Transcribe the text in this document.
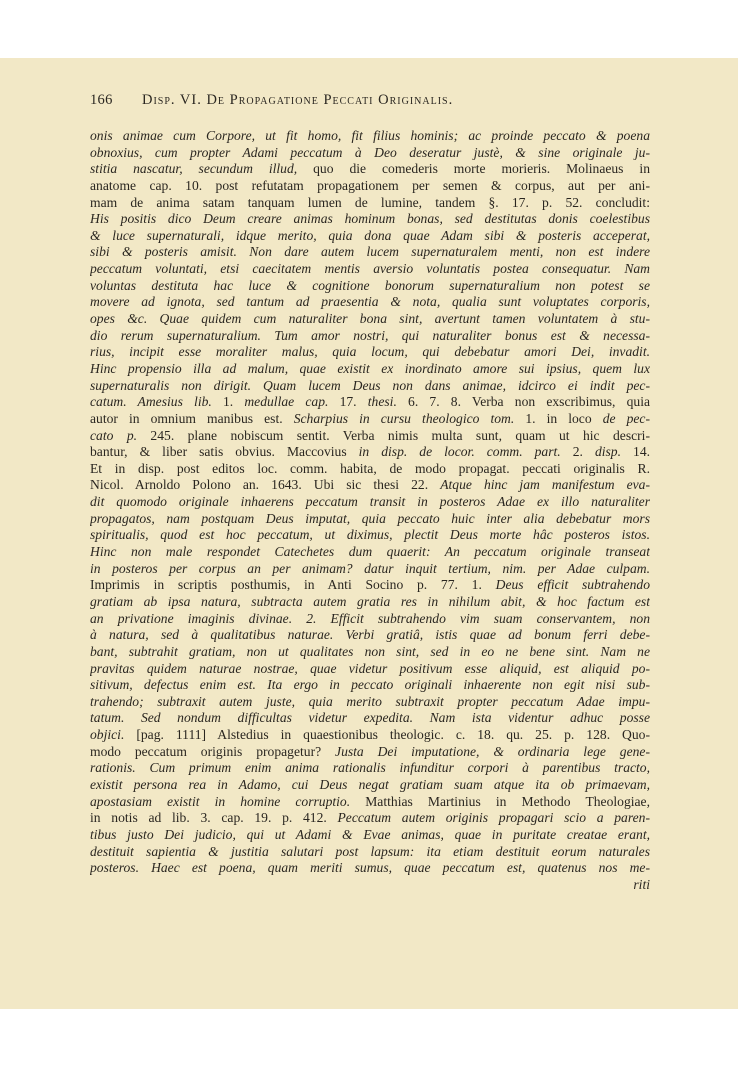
166 Disp. VI. De Propagatione Peccati Originalis.
onis animae cum Corpore, ut fit homo, fit filius hominis; ac proinde peccato & poena
obnoxius, cum propter Adami peccatum à Deo deseratur justè, & sine originale ju-
stitia nascatur, secundum illud, quo die comederis morte morieris. Molinaeus in
anatome cap. 10. post refutatam propagationem per semen & corpus, aut per ani-
mam de anima satam tanquam lumen de lumine, tandem §. 17. p. 52. concludit:
His positis dico Deum creare animas hominum bonas, sed destitutas donis coelestibus
& luce supernaturali, idque merito, quia dona quae Adam sibi & posteris acceperat,
sibi & posteris amisit. Non dare autem lucem supernaturalem menti, non est indere
peccatum voluntati, etsi caecitatem mentis aversio voluntatis postea consequatur. Nam
voluntas destituta hac luce & cognitione bonorum supernaturalium non potest se
movere ad ignota, sed tantum ad praesentia & nota, qualia sunt voluptates corporis,
opes &c. Quae quidem cum naturaliter bona sint, avertunt tamen voluntatem à stu-
dio rerum supernaturalium. Tum amor nostri, qui naturaliter bonus est & necessa-
rius, incipit esse moraliter malus, quia locum, qui debebatur amori Dei, invadit.
Hinc propensio illa ad malum, quae existit ex inordinato amore sui ipsius, quem lux
supernaturalis non dirigit. Quam lucem Deus non dans animae, idcirco ei indit pec-
catum. Amesius lib. 1. medullae cap. 17. thesi. 6. 7. 8. Verba non exscribimus, quia
autor in omnium manibus est. Scharpius in cursu theologico tom. 1. in loco de pec-
cato p. 245. plane nobiscum sentit. Verba nimis multa sunt, quam ut hic descri-
bantur, & liber satis obvius. Maccovius in disp. de locor. comm. part. 2. disp. 14.
Et in disp. post editos loc. comm. habita, de modo propagat. peccati originalis R.
Nicol. Arnoldo Polono an. 1643. Ubi sic thesi 22. Atque hinc jam manifestum eva-
dit quomodo originale inhaerens peccatum transit in posteros Adae ex illo naturaliter
propagatos, nam postquam Deus imputat, quia peccato huic inter alia debebatur mors
spiritualis, quod est hoc peccatum, ut diximus, plectit Deus morte hâc posteros istos.
Hinc non male respondet Catechetes dum quaerit: An peccatum originale transeat
in posteros per corpus an per animam? datur inquit tertium, nim. per Adae culpam.
Imprimis in scriptis posthumis, in Anti Socino p. 77. 1. Deus efficit subtrahendo
gratiam ab ipsa natura, subtracta autem gratia res in nihilum abit, & hoc factum est
an privatione imaginis divinae. 2. Efficit subtrahendo vim suam conservantem, non
à natura, sed à qualitatibus naturae. Verbi gratiâ, istis quae ad bonum ferri debe-
bant, subtrahit gratiam, non ut qualitates non sint, sed in eo ne bene sint. Nam ne
pravitas quidem naturae nostrae, quae videtur positivum esse aliquid, est aliquid po-
sitivum, defectus enim est. Ita ergo in peccato originali inhaerente non egit nisi sub-
trahendo; subtraxit autem juste, quia merito subtraxit propter peccatum Adae impu-
tatum. Sed nondum difficultas videtur expedita. Nam ista videntur adhuc posse
objici. [pag. 1111] Alstedius in quaestionibus theologic. c. 18. qu. 25. p. 128. Quo-
modo peccatum originis propagetur? Justa Dei imputatione, & ordinaria lege gene-
rationis. Cum primum enim anima rationalis infunditur corpori à parentibus tracto,
existit persona rea in Adamo, cui Deus negat gratiam suam atque ita ob primaevam,
apostasiam existit in homine corruptio. Matthias Martinius in Methodo Theologiae,
in notis ad lib. 3. cap. 19. p. 412. Peccatum autem originis propagari scio a paren-
tibus justo Dei judicio, qui ut Adami & Evae animas, quae in puritate creatae erant,
destituit sapientia & justitia salutari post lapsum: ita etiam destituit eorum naturales
posteros. Haec est poena, quam meriti sumus, quae peccatum est, quatenus nos me-
riti
